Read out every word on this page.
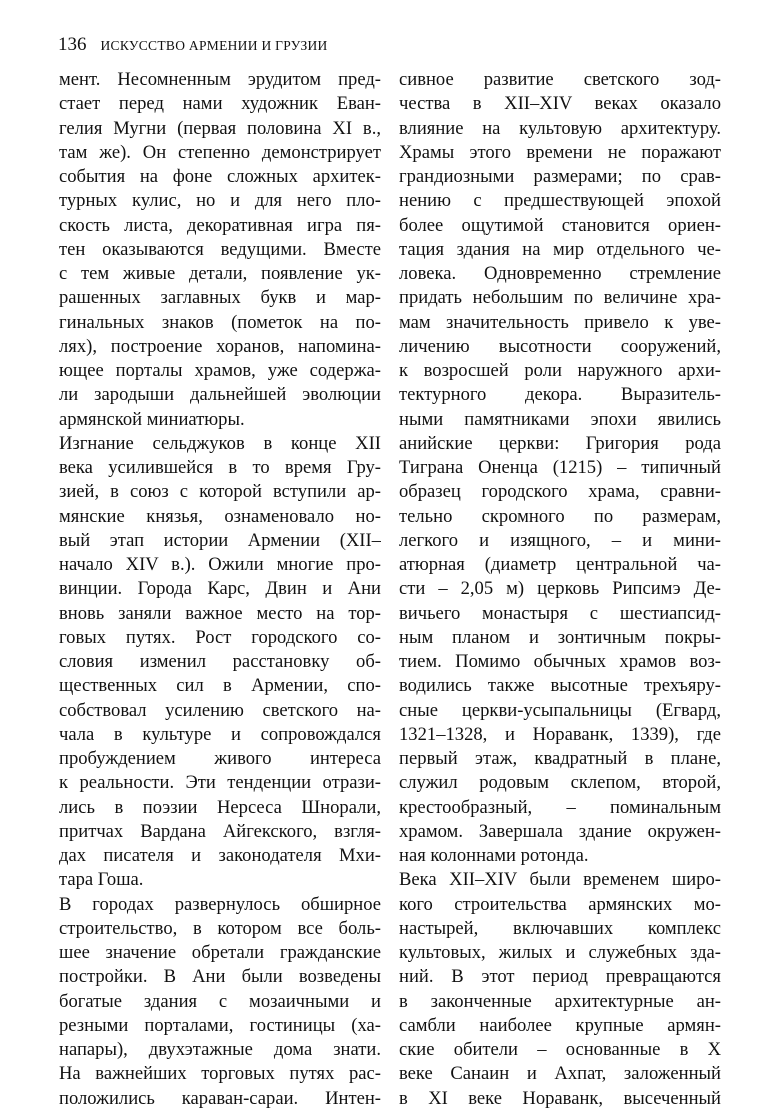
136 ИСКУССТВО АРМЕНИИ И ГРУЗИИ
мент. Несомненным эрудитом пред-
стает перед нами художник Еван-
гелия Мугни (первая половина XI в.,
там же). Он степенно демонстрирует
события на фоне сложных архитек-
турных кулис, но и для него пло-
скость листа, декоративная игра пя-
тен оказываются ведущими. Вместе
с тем живые детали, появление ук-
рашенных заглавных букв и мар-
гинальных знаков (пометок на по-
лях), построение хоранов, напомина-
ющее порталы храмов, уже содержа-
ли зародыши дальнейшей эволюции
армянской миниатюры.
Изгнание сельджуков в конце XII
века усилившейся в то время Гру-
зией, в союз с которой вступили ар-
мянские князья, ознаменовало но-
вый этап истории Армении (XII–
начало XIV в.). Ожили многие про-
винции. Города Карс, Двин и Ани
вновь заняли важное место на тор-
говых путях. Рост городского со-
словия изменил расстановку об-
щественных сил в Армении, спо-
собствовал усилению светского на-
чала в культуре и сопровождался
пробуждением живого интереса
к реальности. Эти тенденции отрази-
лись в поэзии Нерсеса Шнорали,
притчах Вардана Айгекского, взгля-
дах писателя и законодателя Мхи-
тара Гоша.
В городах развернулось обширное
строительство, в котором все боль-
шее значение обретали гражданские
постройки. В Ани были возведены
богатые здания с мозаичными и
резными порталами, гостиницы (ха-
напары), двухэтажные дома знати.
На важнейших торговых путях рас-
положились караван-сараи. Интен-
сивное развитие светского зод-
чества в XII–XIV веках оказало
влияние на культовую архитектуру.
Храмы этого времени не поражают
грандиозными размерами; по срав-
нению с предшествующей эпохой
более ощутимой становится ориен-
тация здания на мир отдельного че-
ловека. Одновременно стремление
придать небольшим по величине хра-
мам значительность привело к уве-
личению высотности сооружений,
к возросшей роли наружного архи-
тектурного декора. Выразитель-
ными памятниками эпохи явились
анийские церкви: Григория рода
Тиграна Оненца (1215) – типичный
образец городского храма, сравни-
тельно скромного по размерам,
легкого и изящного, – и мини-
атюрная (диаметр центральной ча-
сти – 2,05 м) церковь Рипсимэ Де-
вичьего монастыря с шестиапсид-
ным планом и зонтичным покры-
тием. Помимо обычных храмов воз-
водились также высотные трехъяру-
сные церкви-усыпальницы (Егвард,
1321–1328, и Нораванк, 1339), где
первый этаж, квадратный в плане,
служил родовым склепом, второй,
крестообразный, – поминальным
храмом. Завершала здание окружен-
ная колоннами ротонда.
Века XII–XIV были временем широ-
кого строительства армянских мо-
настырей, включавших комплекс
культовых, жилых и служебных зда-
ний. В этот период превращаются
в законченные архитектурные ан-
самбли наиболее крупные армян-
ские обители – основанные в X
веке Санаин и Ахпат, заложенный
в XI веке Нораванк, высеченный
